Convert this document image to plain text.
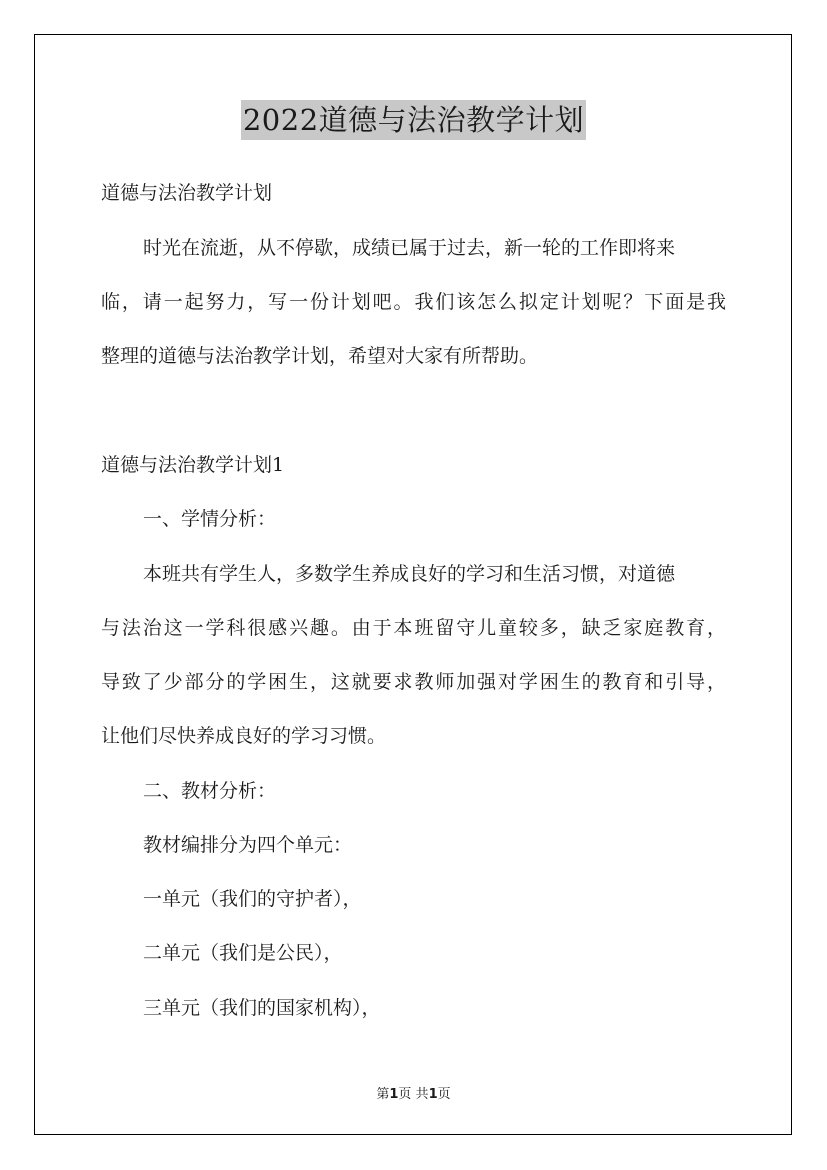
2022道德与法治教学计划
道德与法治教学计划
时光在流逝，从不停歇，成绩已属于过去，新一轮的工作即将来
临，请一起努力，写一份计划吧。我们该怎么拟定计划呢？下面是我
整理的道德与法治教学计划，希望对大家有所帮助。
道德与法治教学计划1
一、学情分析：
本班共有学生人，多数学生养成良好的学习和生活习惯，对道德
与法治这一学科很感兴趣。由于本班留守儿童较多，缺乏家庭教育，
导致了少部分的学困生，这就要求教师加强对学困生的教育和引导，
让他们尽快养成良好的学习习惯。
二、教材分析：
教材编排分为四个单元：
一单元（我们的守护者），
二单元（我们是公民），
三单元（我们的国家机构），
第1页 共1页
